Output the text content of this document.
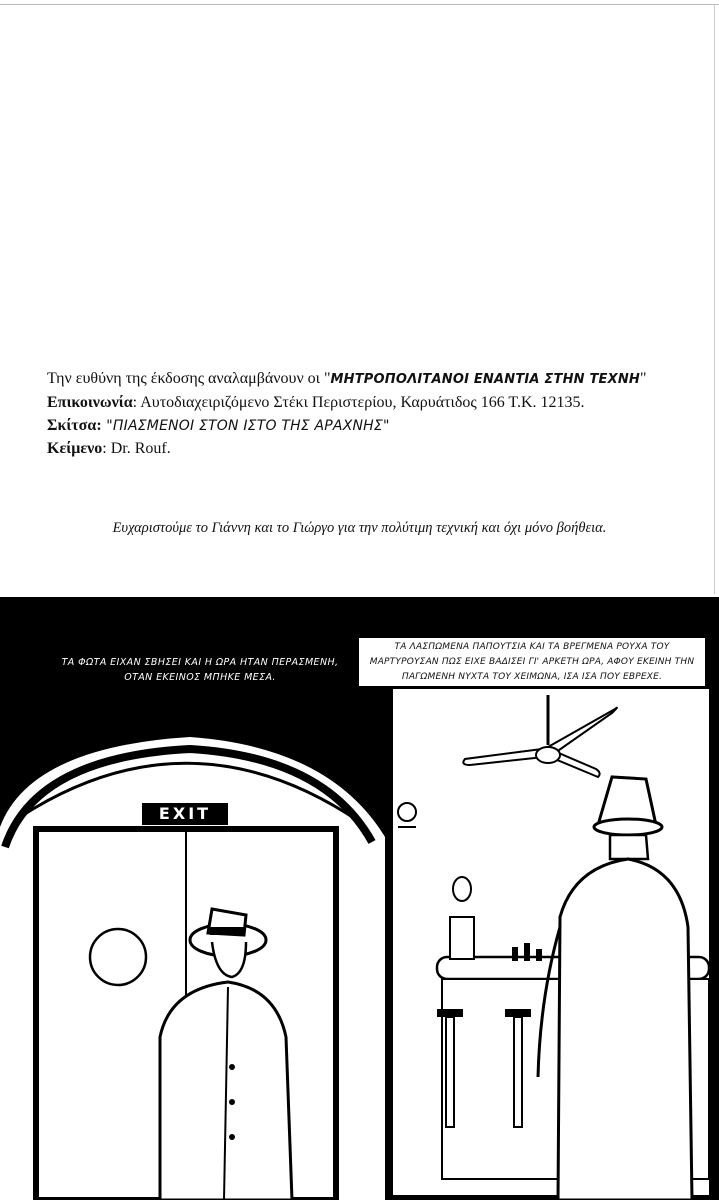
Την ευθύνη της έκδοσης αναλαμβάνουν οι "ΜΗΤΡΟΠΟΛΙΤΑΝΟΙ ΕΝΑΝΤΙΑ ΣΤΗΝ ΤΕΧΝΗ"
Επικοινωνία: Αυτοδιαχειριζόμενο Στέκι Περιστερίου, Καρυάτιδος 166 Τ.Κ. 12135.
Σκίτσα: "ΠΙΑΣΜΕΝΟΙ ΣΤΟΝ ΙΣΤΟ ΤΗΣ ΑΡΑΧΝΗΣ"
Κείμενο: Dr. Rouf.
Ευχαριστούμε το Γιάννη και το Γιώργο για την πολύτιμη τεχνική και όχι μόνο βοήθεια.
ΤΑ ΦΩΤΑ ΕΙΧΑΝ ΣΒΗΣΕΙ ΚΑΙ Η ΩΡΑ ΗΤΑΝ ΠΕΡΑΣΜΕΝΗ,
ΟΤΑΝ ΕΚΕΙΝΟΣ ΜΠΗΚΕ ΜΕΣΑ.
ΤΑ ΛΑΣΠΩΜΕΝΑ ΠΑΠΟΥΤΣΙΑ ΚΑΙ ΤΑ ΒΡΕΓΜΕΝΑ ΡΟΥΧΑ ΤΟΥ
ΜΑΡΤΥΡΟΥΣΑΝ ΠΩΣ ΕΙΧΕ ΒΑΔΙΣΕΙ ΓΙ' ΑΡΚΕΤΗ ΩΡΑ, ΑΦΟΥ ΕΚΕΙΝΗ ΤΗΝ
ΠΑΓΩΜΕΝΗ ΝΥΧΤΑ ΤΟΥ ΧΕΙΜΩΝΑ, ΙΣΑ ΙΣΑ ΠΟΥ ΕΒΡΕΧΕ.
EXIT
